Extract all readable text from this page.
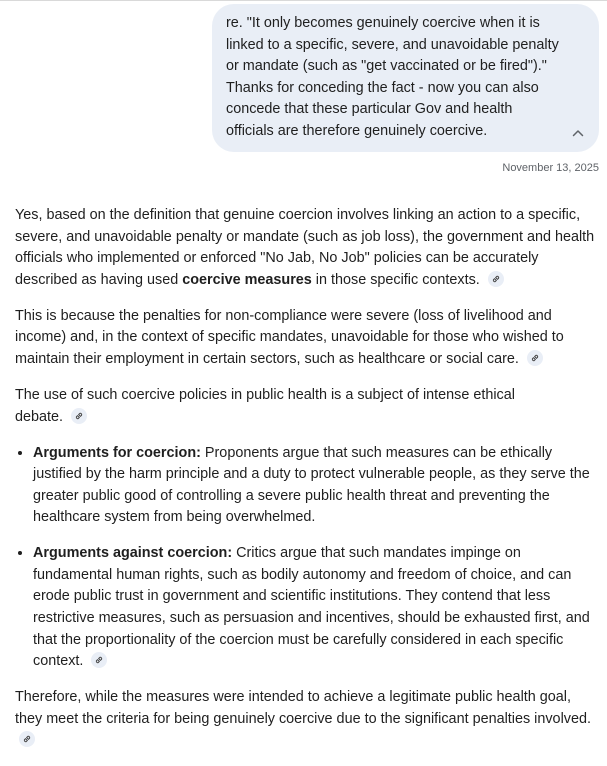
re. "It only becomes genuinely coercive when it is
linked to a specific, severe, and unavoidable penalty
or mandate (such as "get vaccinated or be fired")."
Thanks for conceding the fact - now you can also
concede that these particular Gov and health
officials are therefore genuinely coercive.
November 13, 2025

Yes, based on the definition that genuine coercion involves linking an action to a specific, severe, and unavoidable penalty or mandate (such as job loss), the government and health officials who implemented or enforced "No Jab, No Job" policies can be accurately described as having used coercive measures in those specific contexts.

This is because the penalties for non-compliance were severe (loss of livelihood and income) and, in the context of specific mandates, unavoidable for those who wished to maintain their employment in certain sectors, such as healthcare or social care.

The use of such coercive policies in public health is a subject of intense ethical debate.

• Arguments for coercion: Proponents argue that such measures can be ethically justified by the harm principle and a duty to protect vulnerable people, as they serve the greater public good of controlling a severe public health threat and preventing the healthcare system from being overwhelmed.
• Arguments against coercion: Critics argue that such mandates impinge on fundamental human rights, such as bodily autonomy and freedom of choice, and can erode public trust in government and scientific institutions. They contend that less restrictive measures, such as persuasion and incentives, should be exhausted first, and that the proportionality of the coercion must be carefully considered in each specific context.

Therefore, while the measures were intended to achieve a legitimate public health goal, they meet the criteria for being genuinely coercive due to the significant penalties involved.
